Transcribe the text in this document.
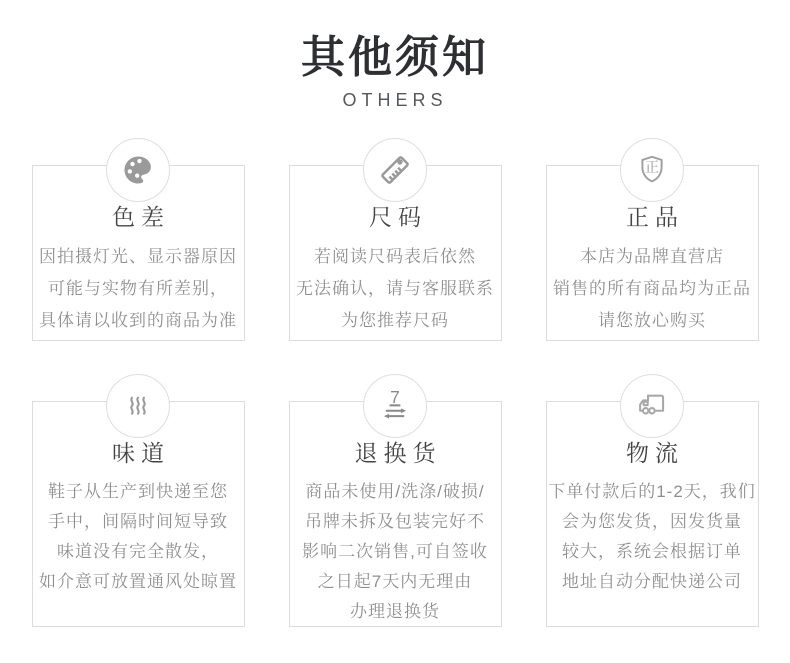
其他须知
OTHERS
色差

因拍摄灯光、显示器原因

可能与实物有所差别，

具体请以收到的商品为准

尺码

若阅读尺码表后依然

无法确认，请与客服联系

为您推荐尺码

正
正品

本店为品牌直营店

销售的所有商品均为正品

请您放心购买

味道

鞋子从生产到快递至您

手中，间隔时间短导致

味道没有完全散发，

如介意可放置通风处晾置

7
退换货

商品未使用/洗涤/破损/

吊牌未拆及包装完好不

影响二次销售,可自签收

之日起7天内无理由

办理退换货

物流

下单付款后的1-2天，我们

会为您发货，因发货量

较大，系统会根据订单

地址自动分配快递公司
